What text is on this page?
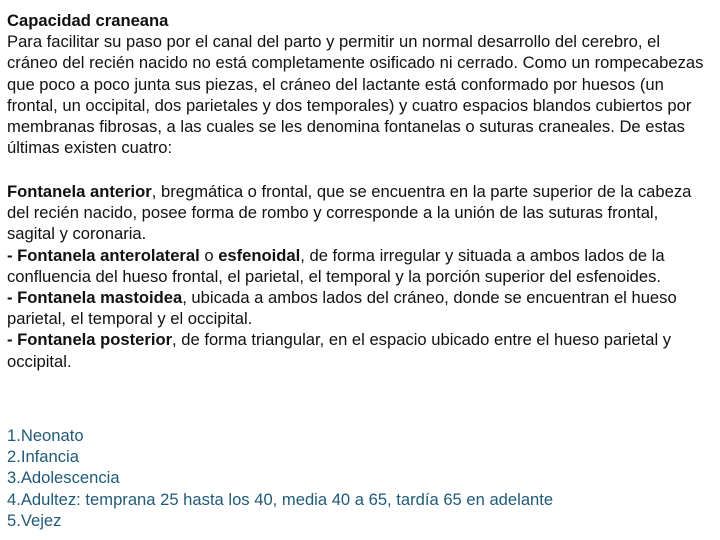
Capacidad craneana
Para facilitar su paso por el canal del parto y permitir un normal desarrollo del cerebro, el cráneo del recién nacido no está completamente osificado ni cerrado. Como un rompecabezas que poco a poco junta sus piezas, el cráneo del lactante está conformado por huesos (un frontal, un occipital, dos parietales y dos temporales) y cuatro espacios blandos cubiertos por membranas fibrosas, a las cuales se les denomina fontanelas o suturas craneales. De estas últimas existen cuatro:

Fontanela anterior, bregmática o frontal, que se encuentra en la parte superior de la cabeza del recién nacido, posee forma de rombo y corresponde a la unión de las suturas frontal, sagital y coronaria.
- Fontanela anterolateral o esfenoidal, de forma irregular y situada a ambos lados de la confluencia del hueso frontal, el parietal, el temporal y la porción superior del esfenoides.
- Fontanela mastoidea, ubicada a ambos lados del cráneo, donde se encuentran el hueso parietal, el temporal y el occipital.
- Fontanela posterior, de forma triangular, en el espacio ubicado entre el hueso parietal y occipital.

1.Neonato
2.Infancia
3.Adolescencia
4.Adultez: temprana 25 hasta los 40, media 40 a 65, tardía 65 en adelante
5.Vejez
